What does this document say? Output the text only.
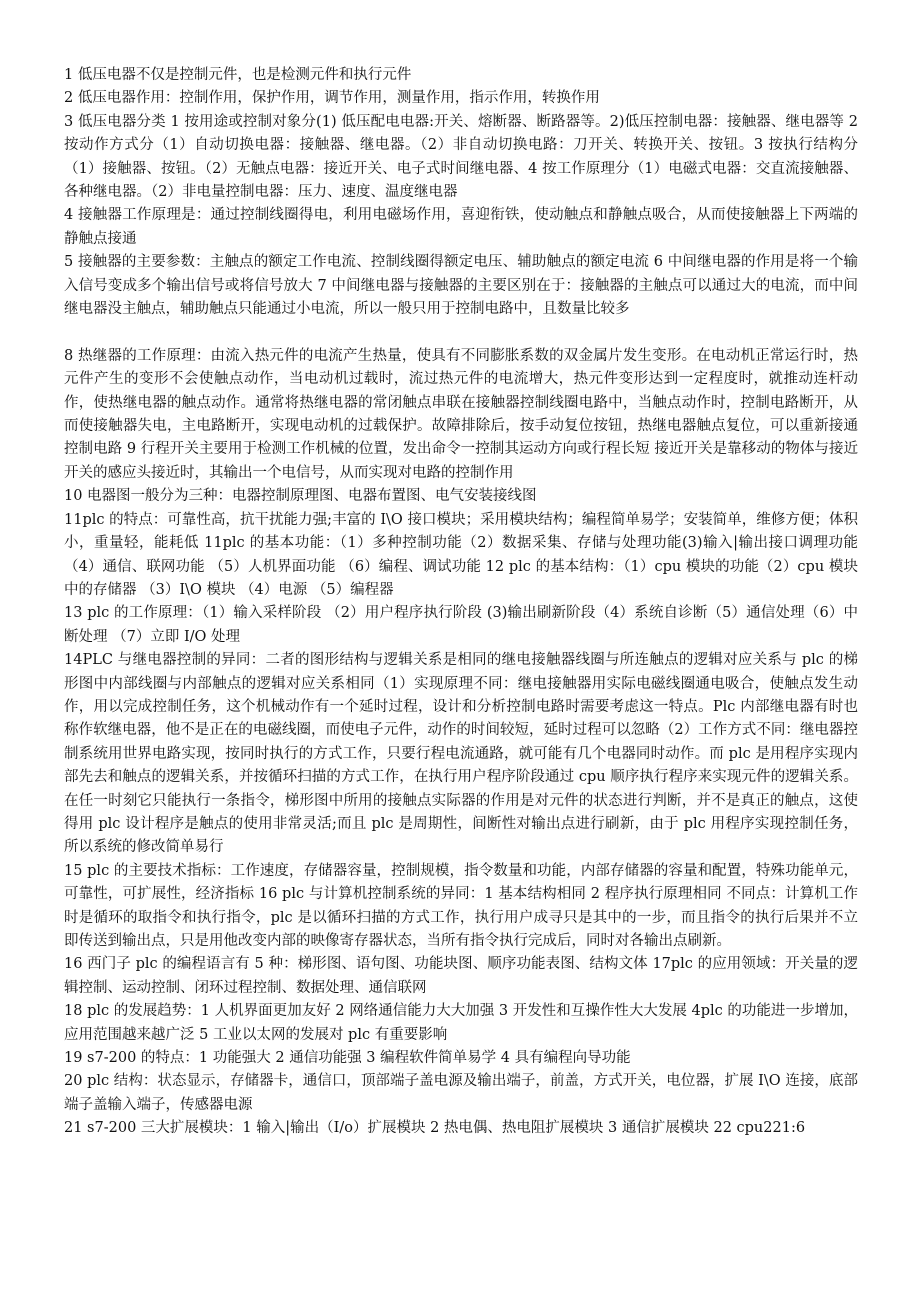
1 低压电器不仅是控制元件，也是检测元件和执行元件

2 低压电器作用：控制作用，保护作用，调节作用，测量作用，指示作用，转换作用

3 低压电器分类 1 按用途或控制对象分(1) 低压配电电器:开关、熔断器、断路器等。2)低压控制电器：接触器、继电器等 2 按动作方式分（1）自动切换电器：接触器、继电器。（2）非自动切换电路：刀开关、转换开关、按钮。3 按执行结构分（1）接触器、按钮。（2）无触点电器：接近开关、电子式时间继电器、4 按工作原理分（1）电磁式电器：交直流接触器、各种继电器。（2）非电量控制电器：压力、速度、温度继电器

4 接触器工作原理是：通过控制线圈得电，利用电磁场作用，喜迎衔铁，使动触点和静触点吸合，从而使接触器上下两端的静触点接通

5 接触器的主要参数：主触点的额定工作电流、控制线圈得额定电压、辅助触点的额定电流 6 中间继电器的作用是将一个输入信号变成多个输出信号或将信号放大 7 中间继电器与接触器的主要区别在于：接触器的主触点可以通过大的电流，而中间继电器没主触点，辅助触点只能通过小电流，所以一般只用于控制电路中，且数量比较多

8 热继器的工作原理：由流入热元件的电流产生热量，使具有不同膨胀系数的双金属片发生变形。在电动机正常运行时，热元件产生的变形不会使触点动作，当电动机过载时，流过热元件的电流增大，热元件变形达到一定程度时，就推动连杆动作，使热继电器的触点动作。通常将热继电器的常闭触点串联在接触器控制线圈电路中，当触点动作时，控制电路断开，从而使接触器失电，主电路断开，实现电动机的过载保护。故障排除后，按手动复位按钮，热继电器触点复位，可以重新接通控制电路 9 行程开关主要用于检测工作机械的位置，发出命令一控制其运动方向或行程长短 接近开关是靠移动的物体与接近开关的感应头接近时，其输出一个电信号，从而实现对电路的控制作用

10 电器图一般分为三种：电器控制原理图、电器布置图、电气安装接线图

11plc 的特点：可靠性高，抗干扰能力强;丰富的 I\O 接口模块；采用模块结构；编程简单易学；安装简单，维修方便；体积小，重量轻，能耗低 11plc 的基本功能：（1）多种控制功能（2）数据采集、存储与处理功能(3)输入|输出接口调理功能（4）通信、联网功能 （5）人机界面功能 （6）编程、调试功能 12 plc 的基本结构：（1）cpu 模块的功能（2）cpu 模块中的存储器 （3）I\O 模块 （4）电源 （5）编程器

13 plc 的工作原理：（1）输入采样阶段 （2）用户程序执行阶段 (3)输出刷新阶段（4）系统自诊断（5）通信处理（6）中断处理 （7）立即 I/O 处理

14PLC 与继电器控制的异同：二者的图形结构与逻辑关系是相同的继电接触器线圈与所连触点的逻辑对应关系与 plc 的梯形图中内部线圈与内部触点的逻辑对应关系相同（1）实现原理不同：继电接触器用实际电磁线圈通电吸合，使触点发生动作，用以完成控制任务，这个机械动作有一个延时过程，设计和分析控制电路时需要考虑这一特点。Plc 内部继电器有时也称作软继电器，他不是正在的电磁线圈，而使电子元件，动作的时间较短，延时过程可以忽略（2）工作方式不同：继电器控制系统用世界电路实现，按同时执行的方式工作，只要行程电流通路，就可能有几个电器同时动作。而 plc 是用程序实现内部先去和触点的逻辑关系，并按循环扫描的方式工作，在执行用户程序阶段通过 cpu 顺序执行程序来实现元件的逻辑关系。在任一时刻它只能执行一条指令，梯形图中所用的接触点实际器的作用是对元件的状态进行判断，并不是真正的触点，这使得用 plc 设计程序是触点的使用非常灵活;而且 plc 是周期性，间断性对输出点进行刷新，由于 plc 用程序实现控制任务，所以系统的修改简单易行

15 plc 的主要技术指标：工作速度，存储器容量，控制规模，指令数量和功能，内部存储器的容量和配置，特殊功能单元，可靠性，可扩展性，经济指标 16 plc 与计算机控制系统的异同：1 基本结构相同 2 程序执行原理相同 不同点：计算机工作时是循环的取指令和执行指令，plc 是以循环扫描的方式工作，执行用户成寻只是其中的一步，而且指令的执行后果并不立即传送到输出点，只是用他改变内部的映像寄存器状态，当所有指令执行完成后，同时对各输出点刷新。

16 西门子 plc 的编程语言有 5 种：梯形图、语句图、功能块图、顺序功能表图、结构文体 17plc 的应用领域：开关量的逻辑控制、运动控制、闭环过程控制、数据处理、通信联网

18 plc 的发展趋势：1 人机界面更加友好 2 网络通信能力大大加强 3 开发性和互操作性大大发展 4plc 的功能进一步增加，应用范围越来越广泛 5 工业以太网的发展对 plc 有重要影响

19 s7-200 的特点：1 功能强大 2 通信功能强 3 编程软件简单易学 4 具有编程向导功能

20 plc 结构：状态显示，存储器卡，通信口，顶部端子盖电源及输出端子，前盖，方式开关，电位器，扩展 I\O 连接，底部端子盖输入端子，传感器电源

21 s7-200 三大扩展模块：1 输入|输出（I/o）扩展模块 2 热电偶、热电阻扩展模块 3 通信扩展模块 22 cpu221:6
